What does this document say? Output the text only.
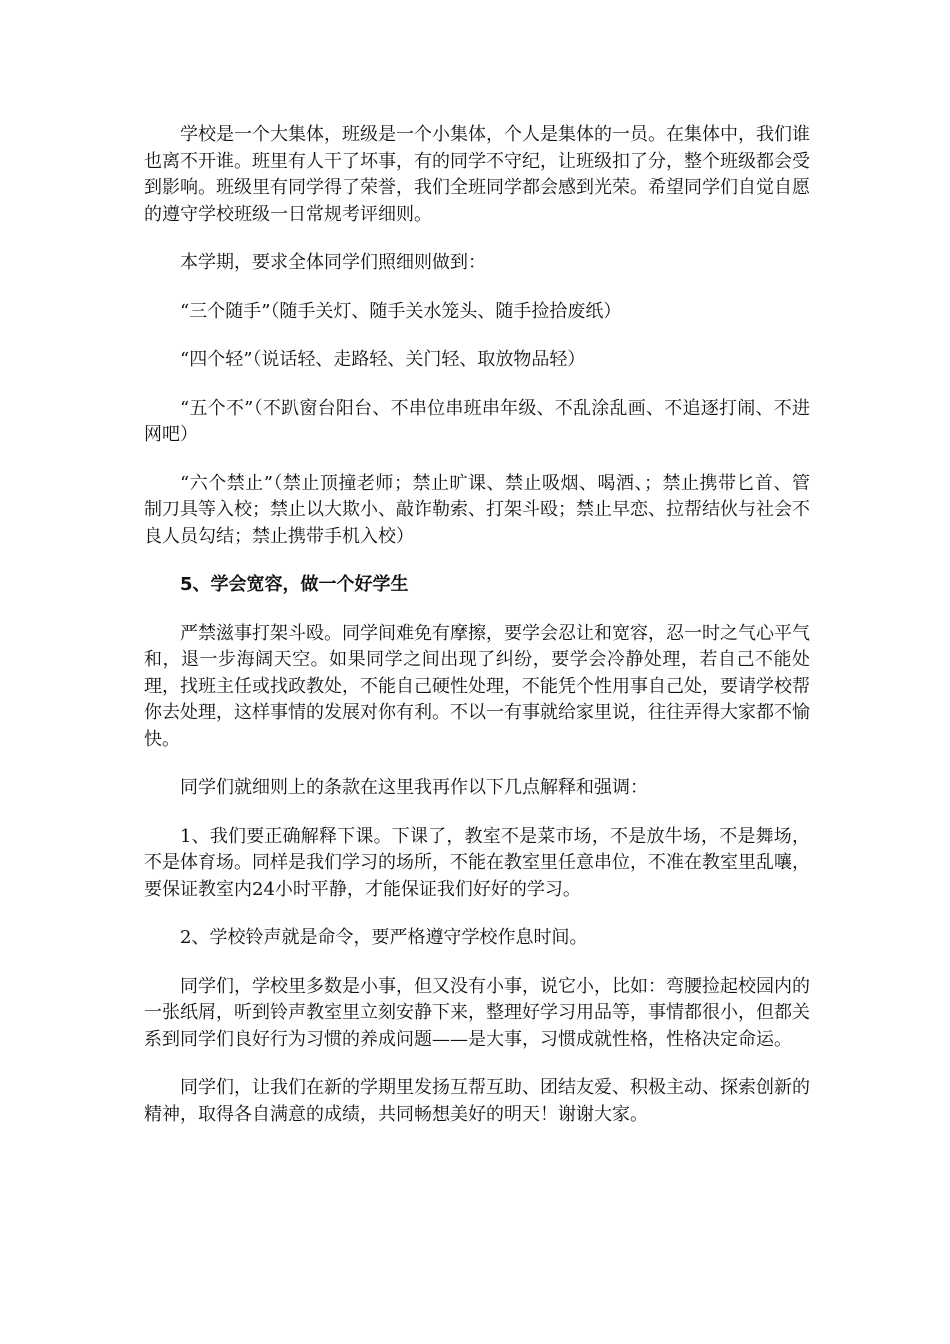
学校是一个大集体，班级是一个小集体，个人是集体的一员。在集体中，我们谁也离不开谁。班里有人干了坏事，有的同学不守纪，让班级扣了分，整个班级都会受到影响。班级里有同学得了荣誉，我们全班同学都会感到光荣。希望同学们自觉自愿的遵守学校班级一日常规考评细则。

本学期，要求全体同学们照细则做到：

“三个随手”（随手关灯、随手关水笼头、随手捡拾废纸）

“四个轻”（说话轻、走路轻、关门轻、取放物品轻）

“五个不”（不趴窗台阳台、不串位串班串年级、不乱涂乱画、不追逐打闹、不进网吧）

“六个禁止”（禁止顶撞老师；禁止旷课、禁止吸烟、喝酒、；禁止携带匕首、管制刀具等入校；禁止以大欺小、敲诈勒索、打架斗殴；禁止早恋、拉帮结伙与社会不良人员勾结；禁止携带手机入校）

5、学会宽容，做一个好学生

严禁滋事打架斗殴。同学间难免有摩擦，要学会忍让和宽容，忍一时之气心平气和，退一步海阔天空。如果同学之间出现了纠纷，要学会冷静处理，若自己不能处理，找班主任或找政教处，不能自己硬性处理，不能凭个性用事自己处，要请学校帮你去处理，这样事情的发展对你有利。不以一有事就给家里说，往往弄得大家都不愉快。

同学们就细则上的条款在这里我再作以下几点解释和强调：

1、我们要正确解释下课。下课了，教室不是菜市场，不是放牛场，不是舞场，不是体育场。同样是我们学习的场所，不能在教室里任意串位，不准在教室里乱嚷，要保证教室内24小时平静，才能保证我们好好的学习。

2、学校铃声就是命令，要严格遵守学校作息时间。

同学们，学校里多数是小事，但又没有小事，说它小，比如：弯腰捡起校园内的一张纸屑，听到铃声教室里立刻安静下来，整理好学习用品等，事情都很小，但都关系到同学们良好行为习惯的养成问题——是大事，习惯成就性格，性格决定命运。

同学们，让我们在新的学期里发扬互帮互助、团结友爱、积极主动、探索创新的精神，取得各自满意的成绩，共同畅想美好的明天！谢谢大家。
